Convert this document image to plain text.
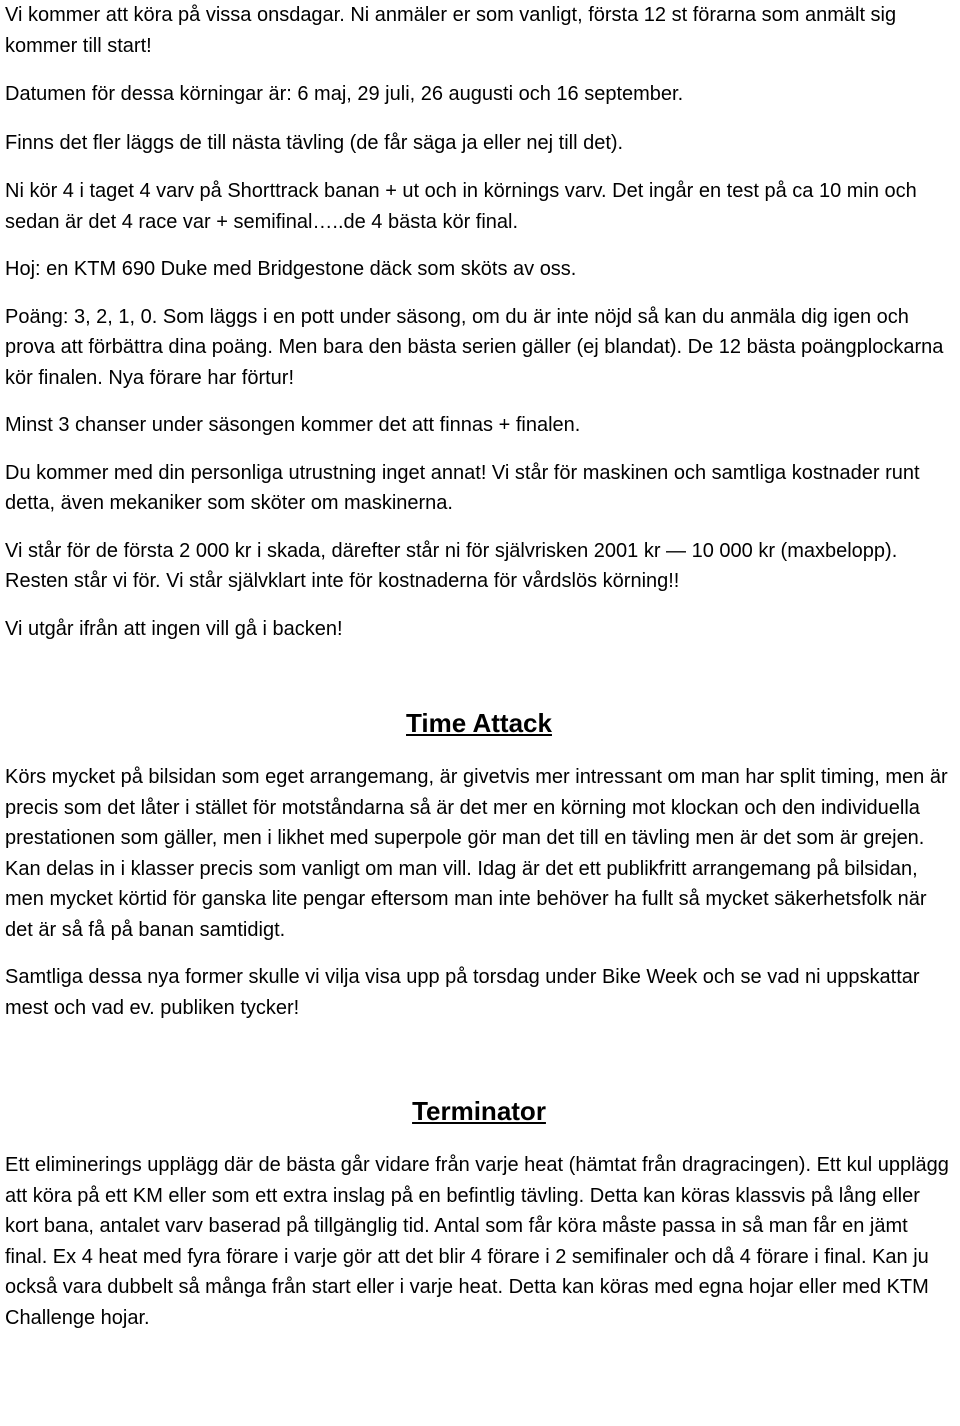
Vi kommer att köra på vissa onsdagar. Ni anmäler er som vanligt, första 12 st förarna som anmält sig kommer till start!

Datumen för dessa körningar är: 6 maj, 29 juli, 26 augusti och 16 september.

Finns det fler läggs de till nästa tävling (de får säga ja eller nej till det).

Ni kör 4 i taget 4 varv på Shorttrack banan + ut och in körnings varv. Det ingår en test på ca 10 min och sedan är det 4 race var + semifinal…..de 4 bästa kör final.

Hoj: en KTM 690 Duke med Bridgestone däck som sköts av oss.

Poäng: 3, 2, 1, 0. Som läggs i en pott under säsong, om du är inte nöjd så kan du anmäla dig igen och prova att förbättra dina poäng. Men bara den bästa serien gäller (ej blandat). De 12 bästa poängplockarna kör finalen. Nya förare har förtur!

Minst 3 chanser under säsongen kommer det att finnas + finalen.

Du kommer med din personliga utrustning inget annat! Vi står för maskinen och samtliga kostnader runt detta, även mekaniker som sköter om maskinerna.

Vi står för de första 2 000 kr i skada, därefter står ni för självrisken 2001 kr — 10 000 kr (maxbelopp). Resten står vi för. Vi står självklart inte för kostnaderna för vårdslös körning!!

Vi utgår ifrån att ingen vill gå i backen!

Time Attack

Körs mycket på bilsidan som eget arrangemang, är givetvis mer intressant om man har split timing, men är precis som det låter i stället för motståndarna så är det mer en körning mot klockan och den individuella prestationen som gäller, men i likhet med superpole gör man det till en tävling men är det som är grejen. Kan delas in i klasser precis som vanligt om man vill. Idag är det ett publikfritt arrangemang på bilsidan, men mycket körtid för ganska lite pengar eftersom man inte behöver ha fullt så mycket säkerhetsfolk när det är så få på banan samtidigt.

Samtliga dessa nya former skulle vi vilja visa upp på torsdag under Bike Week och se vad ni uppskattar mest och vad ev. publiken tycker!

Terminator

Ett eliminerings upplägg där de bästa går vidare från varje heat (hämtat från dragracingen). Ett kul upplägg att köra på ett KM eller som ett extra inslag på en befintlig tävling. Detta kan köras klassvis på lång eller kort bana, antalet varv baserad på tillgänglig tid. Antal som får köra måste passa in så man får en jämt final. Ex 4 heat med fyra förare i varje gör att det blir 4 förare i 2 semifinaler och då 4 förare i final. Kan ju också vara dubbelt så många från start eller i varje heat. Detta kan köras med egna hojar eller med KTM Challenge hojar.
